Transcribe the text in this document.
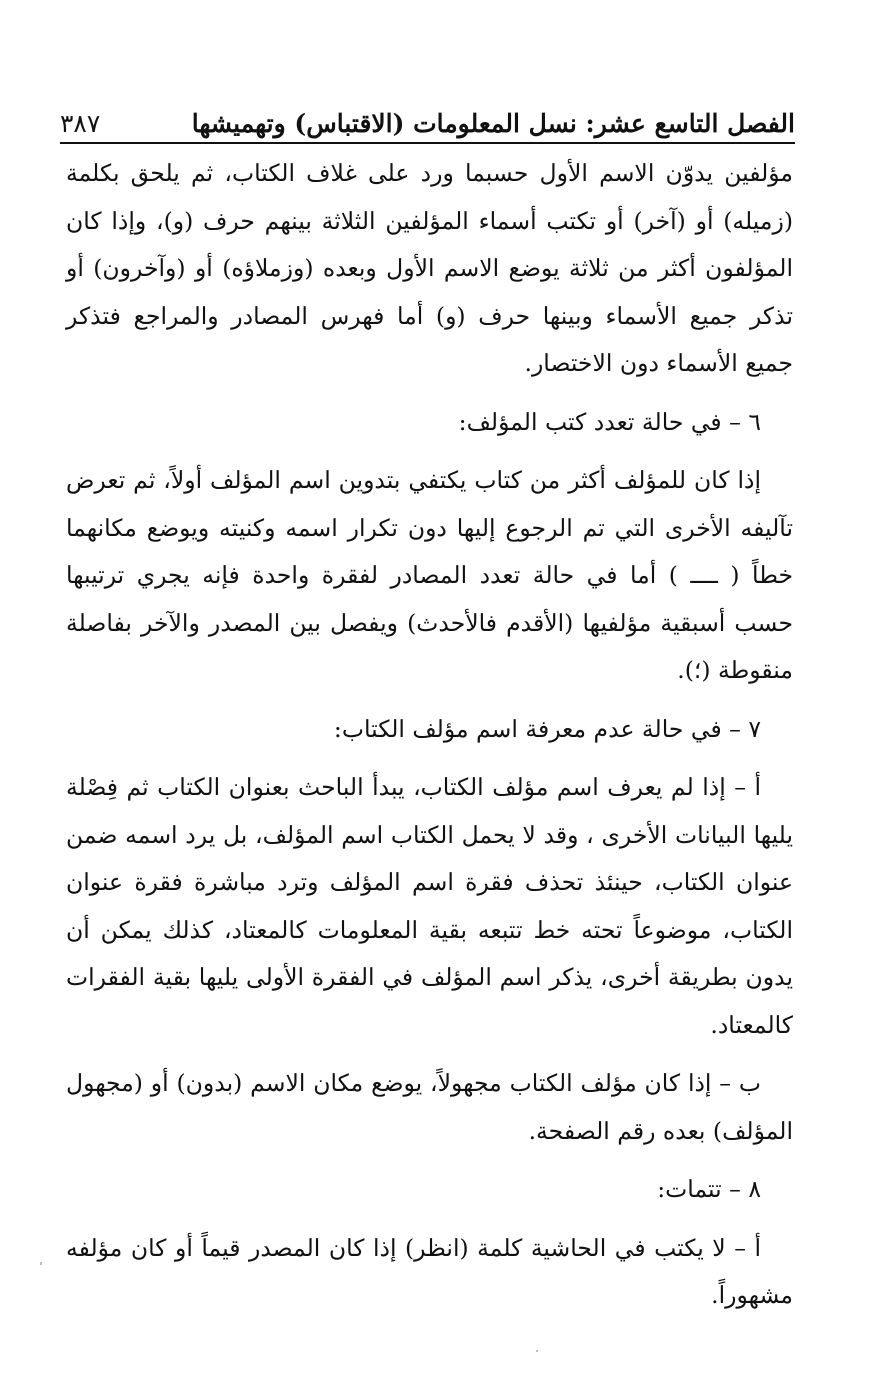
الفصل التاسع عشر: نسل المعلومات (الاقتباس) وتهميشها
٣٨٧

مؤلفين يدوّن الاسم الأول حسبما ورد على غلاف الكتاب، ثم يلحق بكلمة (زميله) أو (آخر) أو تكتب أسماء المؤلفين الثلاثة بينهم حرف (و)، وإذا كان المؤلفون أكثر من ثلاثة يوضع الاسم الأول وبعده (وزملاؤه) أو (وآخرون) أو تذكر جميع الأسماء وبينها حرف (و) أما فهرس المصادر والمراجع فتذكر جميع الأسماء دون الاختصار.

٦ – في حالة تعدد كتب المؤلف:

إذا كان للمؤلف أكثر من كتاب يكتفي بتدوين اسم المؤلف أولاً، ثم تعرض تآليفه الأخرى التي تم الرجوع إليها دون تكرار اسمه وكنيته ويوضع مكانهما خطاً ( ــــ ) أما في حالة تعدد المصادر لفقرة واحدة فإنه يجري ترتيبها حسب أسبقية مؤلفيها (الأقدم فالأحدث) ويفصل بين المصدر والآخر بفاصلة منقوطة (؛).

٧ – في حالة عدم معرفة اسم مؤلف الكتاب:

أ – إذا لم يعرف اسم مؤلف الكتاب، يبدأ الباحث بعنوان الكتاب ثم فِصْلة يليها البيانات الأخرى ، وقد لا يحمل الكتاب اسم المؤلف، بل يرد اسمه ضمن عنوان الكتاب، حينئذ تحذف فقرة اسم المؤلف وترد مباشرة فقرة عنوان الكتاب، موضوعاً تحته خط تتبعه بقية المعلومات كالمعتاد، كذلك يمكن أن يدون بطريقة أخرى، يذكر اسم المؤلف في الفقرة الأولى يليها بقية الفقرات كالمعتاد.

ب – إذا كان مؤلف الكتاب مجهولاً، يوضع مكان الاسم (بدون) أو (مجهول المؤلف) بعده رقم الصفحة.

٨ – تتمات:

أ – لا يكتب في الحاشية كلمة (انظر) إذا كان المصدر قيماً أو كان مؤلفه مشهوراً.
